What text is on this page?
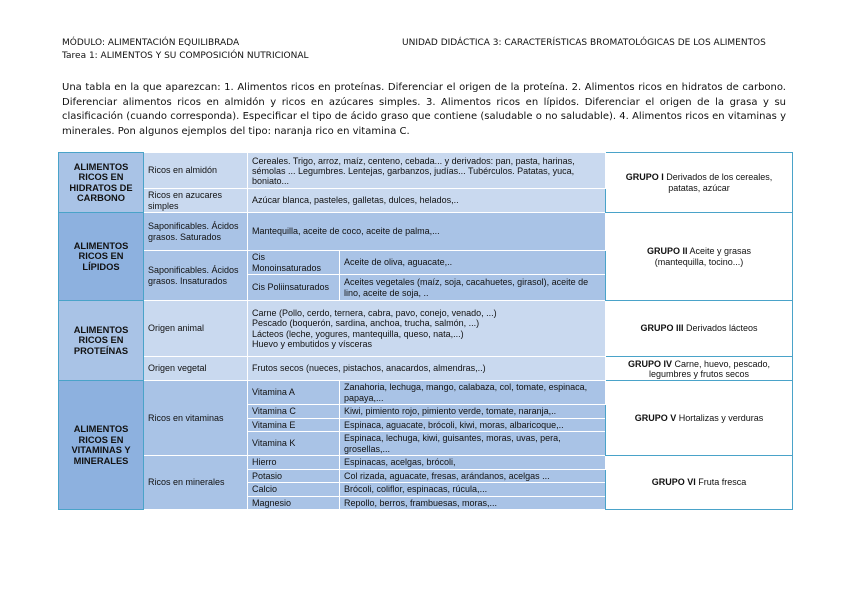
MÓDULO: ALIMENTACIÓN EQUILIBRADA
Tarea 1: ALIMENTOS Y SU COMPOSICIÓN NUTRICIONAL
UNIDAD DIDÁCTICA 3: CARACTERÍSTICAS BROMATOLÓGICAS DE LOS ALIMENTOS
Una tabla en la que aparezcan: 1. Alimentos ricos en proteínas. Diferenciar el origen de la proteína. 2. Alimentos ricos en hidratos de carbono. Diferenciar alimentos ricos en almidón y ricos en azúcares simples. 3. Alimentos ricos en lípidos. Diferenciar el origen de la grasa y su clasificación (cuando corresponda). Especificar el tipo de ácido graso que contiene (saludable o no saludable). 4. Alimentos ricos en vitaminas y minerales. Pon algunos ejemplos del tipo: naranja rico en vitamina C.
ALIMENTOS RICOS EN HIDRATOS DE CARBONO	Ricos en almidón	Cereales. Trigo, arroz, maíz, centeno, cebada... y derivados: pan, pasta, harinas, sémolas ... Legumbres. Lentejas, garbanzos, judías... Tubérculos. Patatas, yuca, boniato...		GRUPO I Derivados de los cereales, patatas, azúcar
	Ricos en azucares simples	Azúcar blanca, pasteles, galletas, dulces, helados,..		
ALIMENTOS RICOS EN LÍPIDOS	Saponificables. Ácidos grasos. Saturados	Mantequilla, aceite de coco, aceite de palma,...		GRUPO II Aceite y grasas
(mantequilla, tocino...)

	Saponificables. Ácidos grasos. Insaturados	Cis Monoinsaturados	Aceite de oliva, aguacate,..	
		Cis Poliinsaturados	Aceites vegetales (maíz, soja, cacahuetes, girasol), aceite de lino, aceite de soja, ..	
ALIMENTOS RICOS EN PROTEÍNAS	Origen animal	Carne (Pollo, cerdo, ternera, cabra, pavo, conejo, venado, ...)
Pescado (boquerón, sardina, anchoa, trucha, salmón, ...)
Lácteos (leche, yogures, mantequilla, queso, nata,...)
Huevo y embutidos y vísceras		GRUPO III Derivados lácteos
	Origen vegetal	Frutos secos (nueces, pistachos, anacardos, almendras,..)		GRUPO IV Carne, huevo, pescado, legumbres y frutos secos
ALIMENTOS RICOS EN VITAMINAS Y MINERALES	Ricos en vitaminas	Vitamina A	Zanahoria, lechuga, mango, calabaza, col, tomate, espinaca, papaya,...	GRUPO V Hortalizas y verduras
		Vitamina C	Kiwi, pimiento rojo, pimiento verde, tomate, naranja,..	
		Vitamina E	Espinaca, aguacate, brócoli, kiwi, moras, albaricoque,..	
		Vitamina K	Espinaca, lechuga, kiwi, guisantes, moras, uvas, pera, grosellas,...	
	Ricos en minerales	Hierro	Espinacas, acelgas, brócoli,	GRUPO VI Fruta fresca
		Potasio	Col rizada, aguacate, fresas, arándanos, acelgas ...	
		Calcio	Brócoli, coliflor, espinacas, rúcula,...	
		Magnesio	Repollo, berros, frambuesas, moras,...	
